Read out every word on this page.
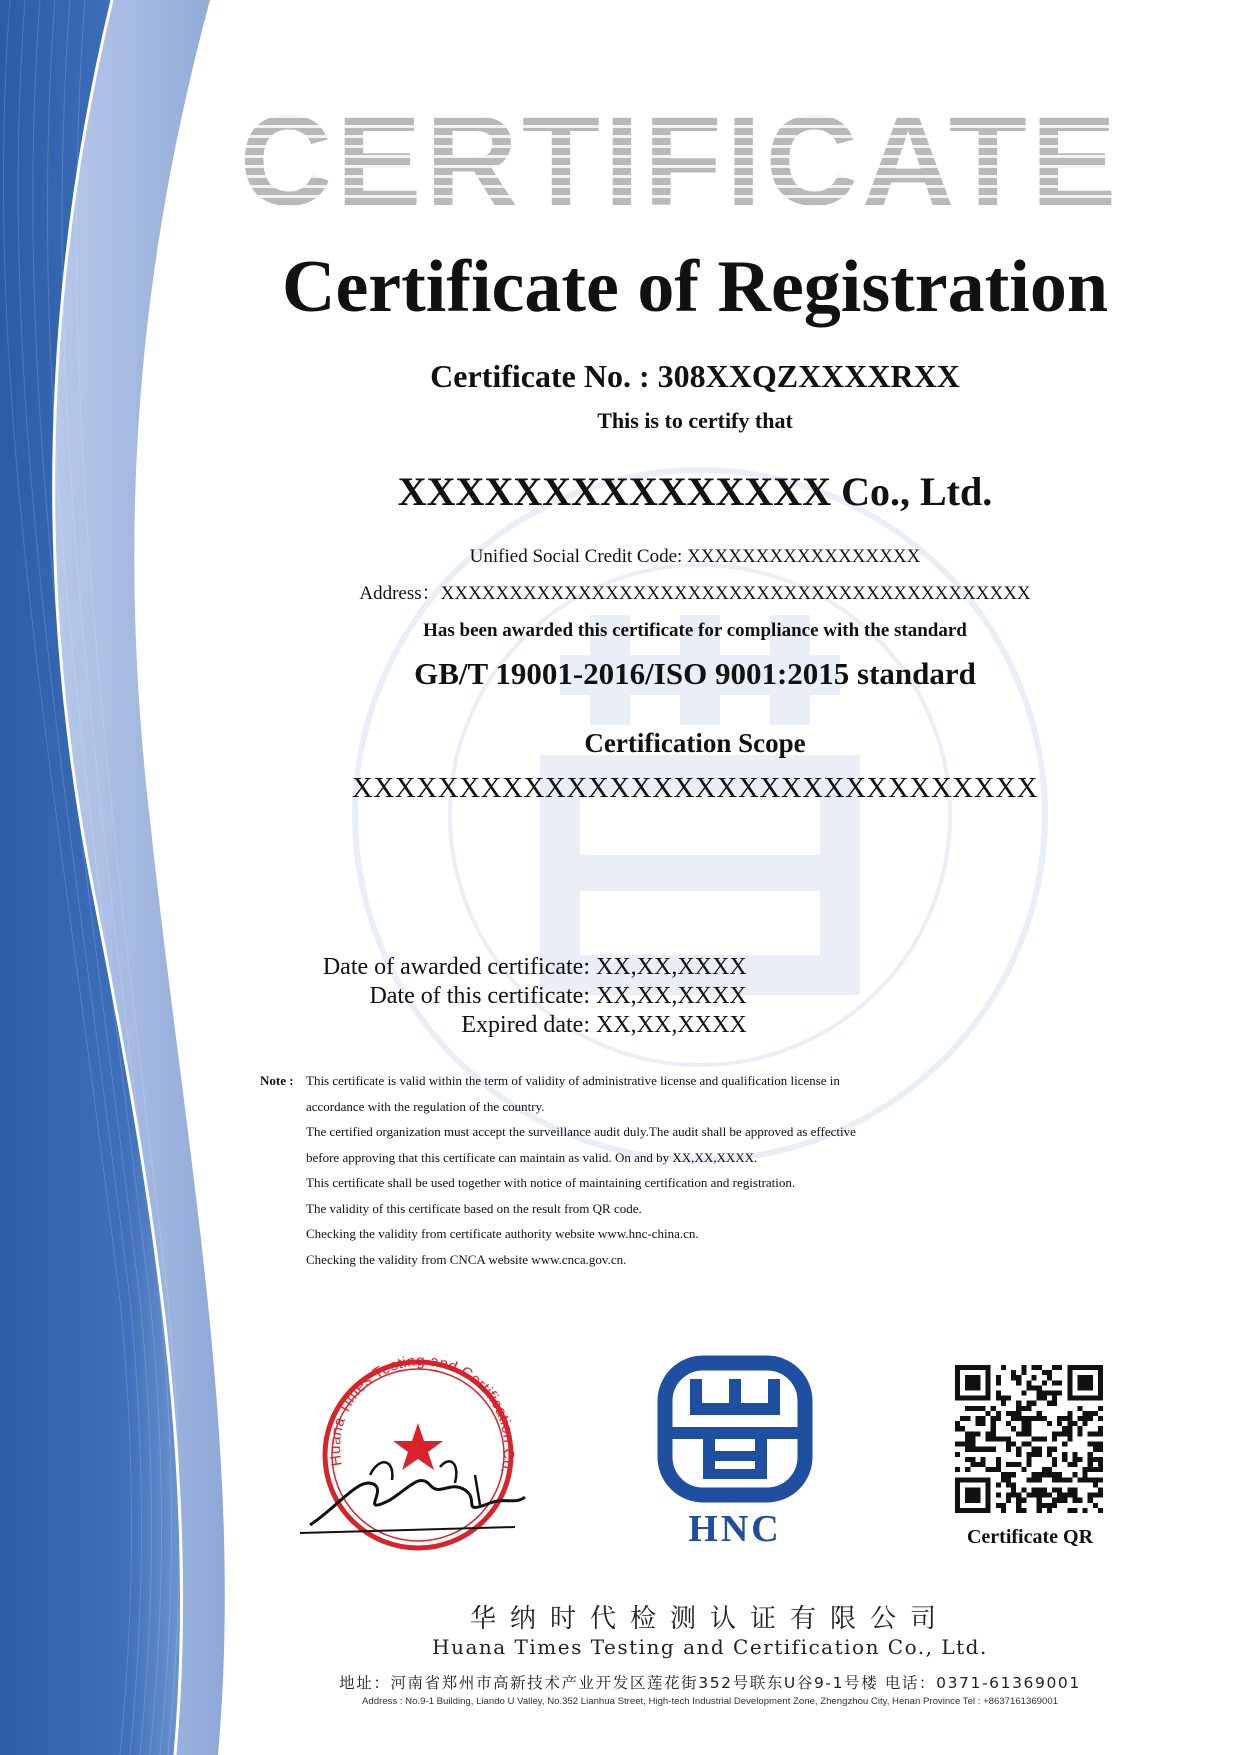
CERTIFICATE
Certificate of Registration
Certificate No. : 308XXQZXXXXRXX
This is to certify that
XXXXXXXXXXXXXXX Co., Ltd.
Unified Social Credit Code: XXXXXXXXXXXXXXXXX
Address：XXXXXXXXXXXXXXXXXXXXXXXXXXXXXXXXXXXXXXXXXXX
Has been awarded this certificate for compliance with the standard
GB/T 19001-2016/ISO 9001:2015 standard
Certification Scope
XXXXXXXXXXXXXXXXXXXXXXXXXXXXXXXX
Date of awarded certificate: XX,XX,XXXX
Date of this certificate: XX,XX,XXXX
Expired date: XX,XX,XXXX
Note : This certificate is valid within the term of validity of administrative license and qualification license in
accordance with the regulation of the country.
The certified organization must accept the surveillance audit duly.The audit shall be approved as effective
before approving that this certificate can maintain as valid. On and by XX,XX,XXXX.
This certificate shall be used together with notice of maintaining certification and registration.
The validity of this certificate based on the result from QR code.
Checking the validity from certificate authority website www.hnc-china.cn.
Checking the validity from CNCA website www.cnca.gov.cn.
Huana Times Testing and Certification Co.
HNC	Certificate QR
华纳时代检测认证有限公司
Huana Times Testing and Certification Co., Ltd.
地址：河南省郑州市高新技术产业开发区莲花街352号联东U谷9-1号楼 电话：0371-61369001
Address : No.9-1 Building, Liando U Valley, No.352 Lianhua Street, High-tech Industrial Development Zone, Zhengzhou City, Henan Province Tel : +8637161369001
